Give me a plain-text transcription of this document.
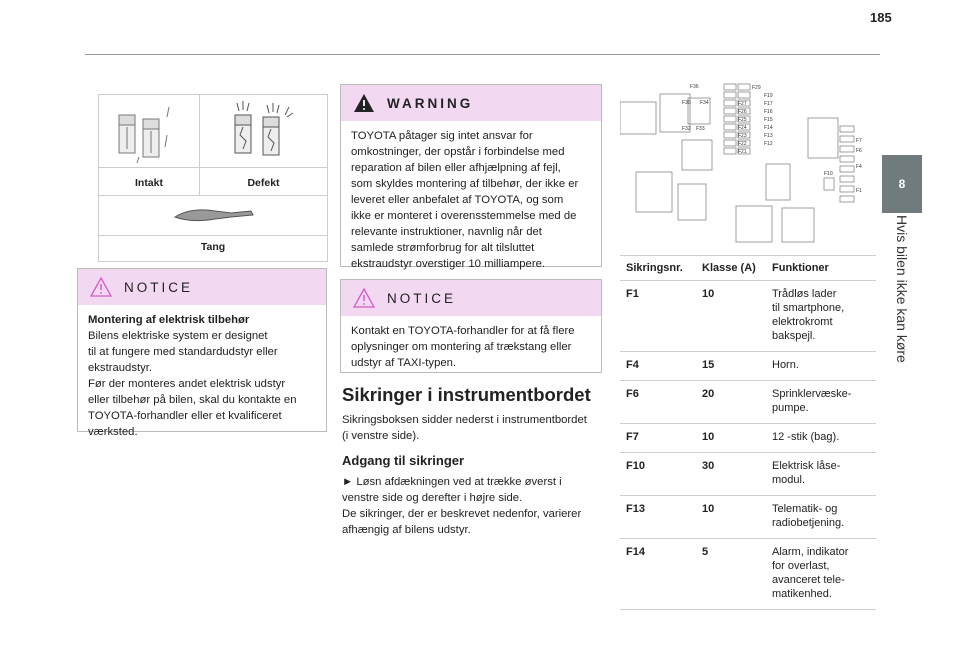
185
8
Hvis bilen ikke kan køre
Intakt	Defekt
Tang
NOTICE
Montering af elektrisk tilbehør
Bilens elektriske system er designet
til at fungere med standardudstyr eller
ekstraudstyr.
Før der monteres andet elektrisk udstyr
eller tilbehør på bilen, skal du kontakte en
TOYOTA-forhandler eller et kvalificeret
værksted.
WARNING
TOYOTA påtager sig intet ansvar for
omkostninger, der opstår i forbindelse med
reparation af bilen eller afhjælpning af fejl,
som skyldes montering af tilbehør, der ikke er
leveret eller anbefalet af TOYOTA, og som
ikke er monteret i overensstemmelse med de
relevante instruktioner, navnlig når det
samlede strømforbrug for alt tilsluttet
ekstraudstyr overstiger 10 milliampere.
NOTICE
Kontakt en TOYOTA-forhandler for at få flere
oplysninger om montering af trækstang eller
udstyr af TAXI-typen.
Sikringer i instrumentbordet
Sikringsboksen sidder nederst i instrumentbordet
(i venstre side).
Adgang til sikringer
► Løsn afdækningen ved at trække øverst i
venstre side og derefter i højre side.
De sikringer, der er beskrevet nedenfor, varierer
afhængig af bilens udstyr.
F36
F30 F34
F32 F33
F29
F19
F27	F17
F26	F16
F25	F15
F24	F14
F23	F13
F22	F12
F21
F7
F6
F4
F10
F1
Sikringsnr.	Klasse (A)	Funktioner
F1	10	Trådløs lader
til smartphone,
elektrokromt
bakspejl.

F4	15	Horn.

F6	20	Sprinklervæske-
pumpe.

F7	10	12 -stik (bag).

F10	30	Elektrisk låse-
modul.

F13	10	Telematik- og
radiobetjening.

F14	5	Alarm, indikator
for overlast,
avanceret tele-
matikenhed.
